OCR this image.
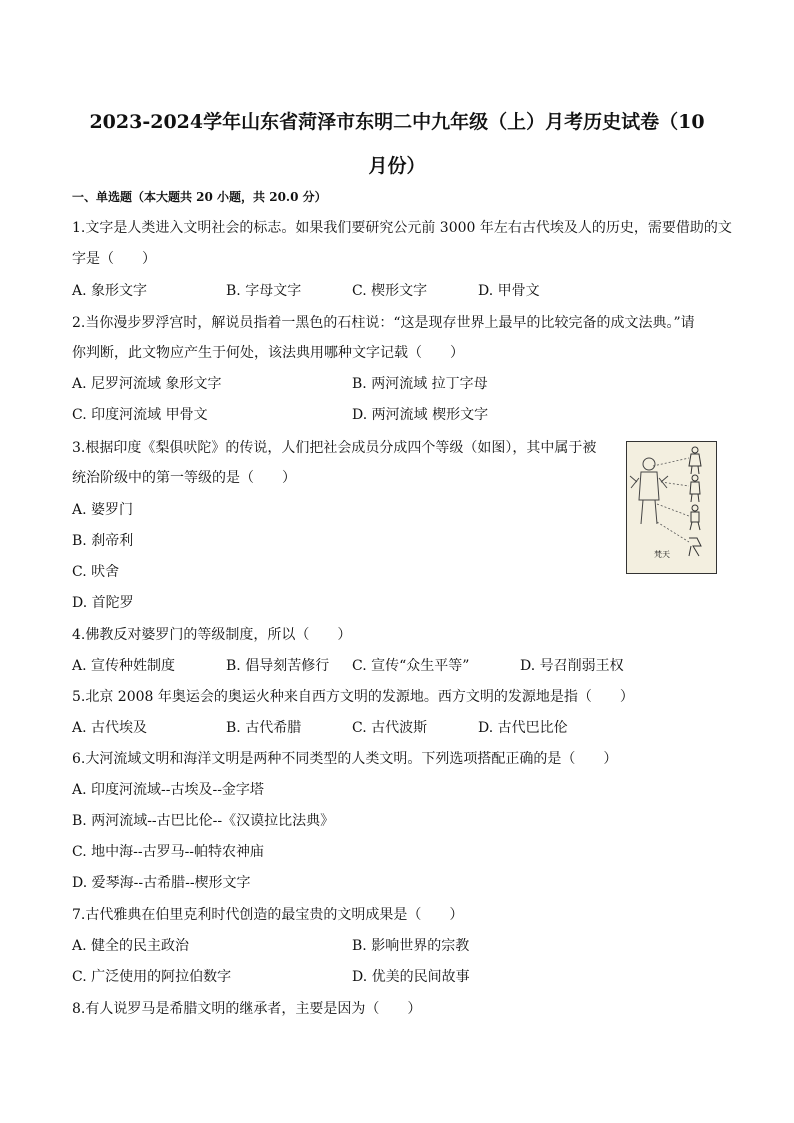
2023-2024学年山东省菏泽市东明二中九年级（上）月考历史试卷（10
月份）
一、单选题（本大题共 20 小题，共 20.0 分）
1.文字是人类进入文明社会的标志。如果我们要研究公元前 3000 年左右古代埃及人的历史，需要借助的文
字是（　　）
A. 象形文字	B. 字母文字	C. 楔形文字	D. 甲骨文
2.当你漫步罗浮宫时，解说员指着一黑色的石柱说：“这是现存世界上最早的比较完备的成文法典。”请
你判断，此文物应产生于何处，该法典用哪种文字记载（　　）
A. 尼罗河流域 象形文字	B. 两河流域 拉丁字母
C. 印度河流域 甲骨文	D. 两河流域 楔形文字
3.根据印度《梨俱吠陀》的传说，人们把社会成员分成四个等级（如图），其中属于被
统治阶级中的第一等级的是（　　）
A. 婆罗门
B. 刹帝利
C. 吠舍
D. 首陀罗
梵天
4.佛教反对婆罗门的等级制度，所以（　　）
A. 宣传种姓制度	B. 倡导刻苦修行 C. 宣传“众生平等”	D. 号召削弱王权
5.北京 2008 年奥运会的奥运火种来自西方文明的发源地。西方文明的发源地是指（　　）
A. 古代埃及	B. 古代希腊	C. 古代波斯	D. 古代巴比伦
6.大河流域文明和海洋文明是两种不同类型的人类文明。下列选项搭配正确的是（　　）
A. 印度河流域--古埃及--金字塔
B. 两河流域--古巴比伦--《汉谟拉比法典》
C. 地中海--古罗马--帕特农神庙
D. 爱琴海--古希腊--楔形文字
7.古代雅典在伯里克利时代创造的最宝贵的文明成果是（　　）
A. 健全的民主政治	B. 影响世界的宗教
C. 广泛使用的阿拉伯数字	D. 优美的民间故事
8.有人说罗马是希腊文明的继承者，主要是因为（　　）
